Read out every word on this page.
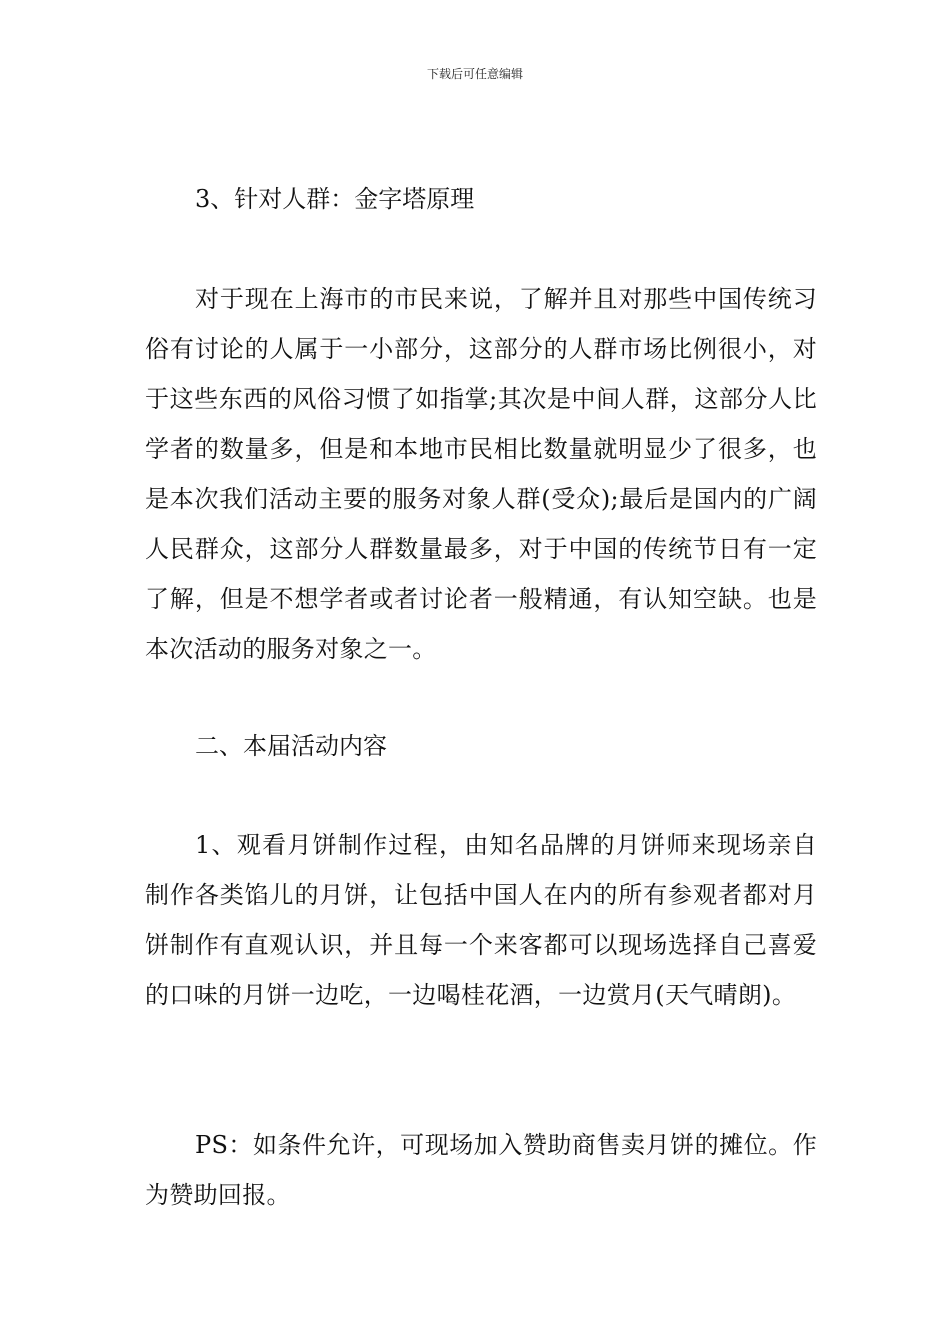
下载后可任意编辑
3、针对人群：金字塔原理

对于现在上海市的市民来说，了解并且对那些中国传统习俗有讨论的人属于一小部分，这部分的人群市场比例很小，对于这些东西的风俗习惯了如指掌;其次是中间人群，这部分人比学者的数量多，但是和本地市民相比数量就明显少了很多，也是本次我们活动主要的服务对象人群(受众);最后是国内的广阔人民群众，这部分人群数量最多，对于中国的传统节日有一定了解，但是不想学者或者讨论者一般精通，有认知空缺。也是本次活动的服务对象之一。

二、本届活动内容

1、观看月饼制作过程，由知名品牌的月饼师来现场亲自制作各类馅儿的月饼，让包括中国人在内的所有参观者都对月饼制作有直观认识，并且每一个来客都可以现场选择自己喜爱的口味的月饼一边吃，一边喝桂花酒，一边赏月(天气晴朗)。

PS：如条件允许，可现场加入赞助商售卖月饼的摊位。作为赞助回报。
